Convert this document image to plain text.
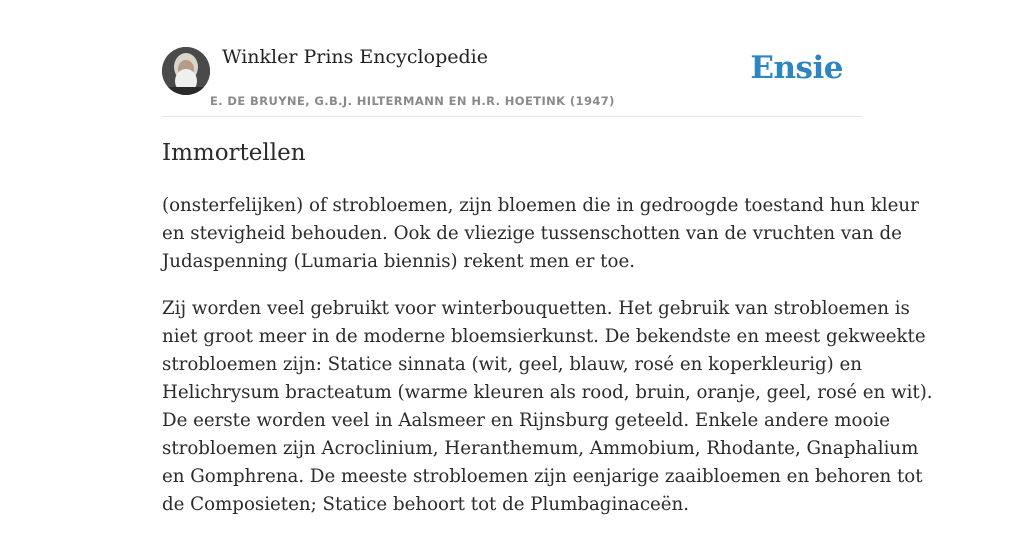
Winkler Prins Encyclopedie
E. DE BRUYNE, G.B.J. HILTERMANN EN H.R. HOETINK (1947)
Ensie
Immortellen

(onsterfelijken) of strobloemen, zijn bloemen die in gedroogde toestand hun kleur
en stevigheid behouden. Ook de vliezige tussenschotten van de vruchten van de
Judaspenning (Lumaria biennis) rekent men er toe.

Zij worden veel gebruikt voor winterbouquetten. Het gebruik van strobloemen is
niet groot meer in de moderne bloemsierkunst. De bekendste en meest gekweekte
strobloemen zijn: Statice sinnata (wit, geel, blauw, rosé en koperkleurig) en
Helichrysum bracteatum (warme kleuren als rood, bruin, oranje, geel, rosé en wit).
De eerste worden veel in Aalsmeer en Rijnsburg geteeld. Enkele andere mooie
strobloemen zijn Acroclinium, Heranthemum, Ammobium, Rhodante, Gnaphalium
en Gomphrena. De meeste strobloemen zijn eenjarige zaaibloemen en behoren tot
de Composieten; Statice behoort tot de Plumbaginaceën.
